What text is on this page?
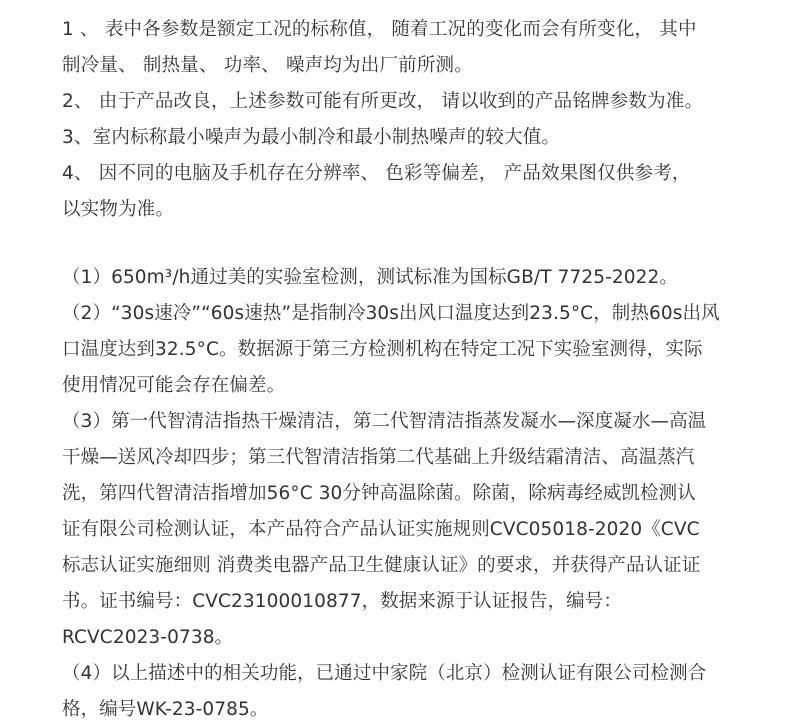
1 、 表中各参数是额定工况的标称值， 随着工况的变化而会有所变化， 其中
制冷量、 制热量、 功率、 噪声均为出厂前所测。
2、 由于产品改良，上述参数可能有所更改， 请以收到的产品铭牌参数为准。
3、室内标称最小噪声为最小制冷和最小制热噪声的较大值。
4、 因不同的电脑及手机存在分辨率、 色彩等偏差， 产品效果图仅供参考，
以实物为准。
（1）650m³/h通过美的实验室检测，测试标准为国标GB/T 7725-2022。
（2）“30s速冷”“60s速热”是指制冷30s出风口温度达到23.5°C，制热60s出风
口温度达到32.5°C。数据源于第三方检测机构在特定工况下实验室测得，实际
使用情况可能会存在偏差。
（3）第一代智清洁指热干燥清洁，第二代智清洁指蒸发凝水—深度凝水—高温
干燥—送风冷却四步；第三代智清洁指第二代基础上升级结霜清洁、高温蒸汽
洗，第四代智清洁指增加56°C 30分钟高温除菌。除菌，除病毒经威凯检测认
证有限公司检测认证，本产品符合产品认证实施规则CVC05018-2020《CVC
标志认证实施细则 消费类电器产品卫生健康认证》的要求，并获得产品认证证
书。证书编号：CVC23100010877，数据来源于认证报告，编号：
RCVC2023-0738。
（4）以上描述中的相关功能，已通过中家院（北京）检测认证有限公司检测合
格，编号WK-23-0785。
